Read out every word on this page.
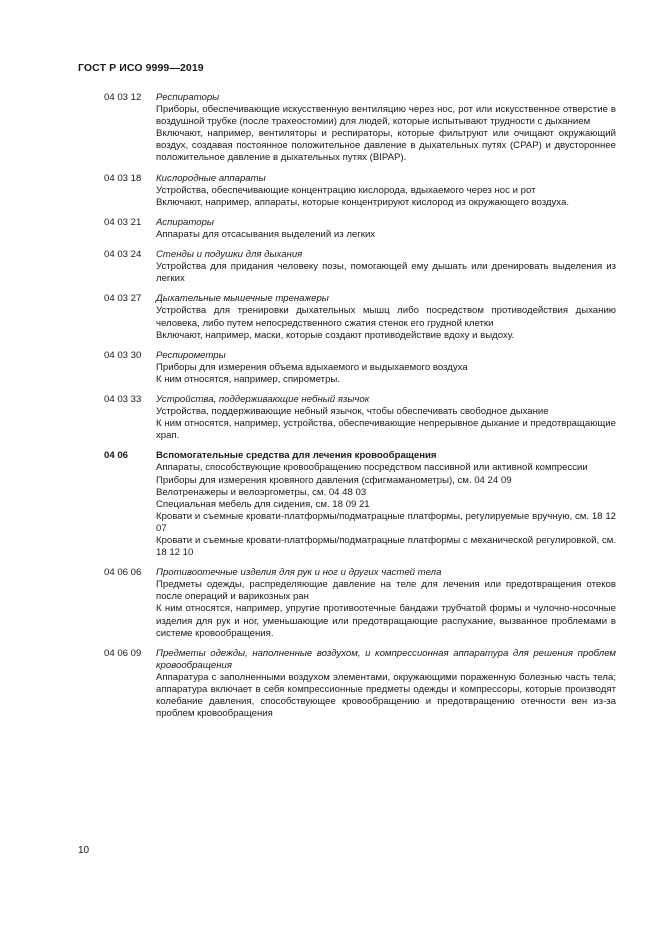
ГОСТ Р ИСО 9999—2019
04 03 12	Респираторы

Приборы, обеспечивающие искусственную вентиляцию через нос, рот или искусственное отверстие в воздушной трубке (после трахеостомии) для людей, которые испытывают трудности с дыханием

Включают, например, вентиляторы и респираторы, которые фильтруют или очищают окружающий воздух, создавая постоянное положительное давление в дыхательных путях (CPAP) и двустороннее положительное давление в дыхательных путях (BIPAP).

04 03 18	Кислородные аппараты

Устройства, обеспечивающие концентрацию кислорода, вдыхаемого через нос и рот

Включают, например, аппараты, которые концентрируют кислород из окружающего воздуха.

04 03 21	Аспираторы

Аппараты для отсасывания выделений из легких

04 03 24	Стенды и подушки для дыхания

Устройства для придания человеку позы, помогающей ему дышать или дренировать выделения из легких

04 03 27	Дыхательные мышечные тренажеры

Устройства для тренировки дыхательных мышц либо посредством противодействия дыханию человека, либо путем непосредственного сжатия стенок его грудной клетки

Включают, например, маски, которые создают противодействие вдоху и выдоху.

04 03 30	Респирометры

Приборы для измерения объема вдыхаемого и выдыхаемого воздуха

К ним относятся, например, спирометры.

04 03 33	Устройства, поддерживающие небный язычок

Устройства, поддерживающие небный язычок, чтобы обеспечивать свободное дыхание

К ним относятся, например, устройства, обеспечивающие непрерывное дыхание и предотвращающие храп.

04 06	Вспомогательные средства для лечения кровообращения

Аппараты, способствующие кровообращению посредством пассивной или активной компрессии

Приборы для измерения кровяного давления (сфигмаманометры), см. 04 24 09

Велотренажеры и велоэргометры, см. 04 48 03

Специальная мебель для сидения, см. 18 09 21

Кровати и съемные кровати-платформы/подматрацные платформы, регулируемые вручную, см. 18 12 07

Кровати и съемные кровати-платформы/подматрацные платформы с механической регулировкой, см. 18 12 10

04 06 06	Противоотечные изделия для рук и ног и других частей тела

Предметы одежды, распределяющие давление на теле для лечения или предотвращения отеков после операций и варикозных ран

К ним относятся, например, упругие противоотечные бандажи трубчатой формы и чулочно-носочные изделия для рук и ног, уменьшающие или предотвращающие распухание, вызванное проблемами в системе кровообращения.

04 06 09	Предметы одежды, наполненные воздухом, и компрессионная аппаратура для решения проблем кровообращения

Аппаратура с заполненными воздухом элементами, окружающими пораженную болезнью часть тела; аппаратура включает в себя компрессионные предметы одежды и компрессоры, которые производят колебание давления, способствующее кровообращению и предотвращению отечности вен из-за проблем кровообращения

10
